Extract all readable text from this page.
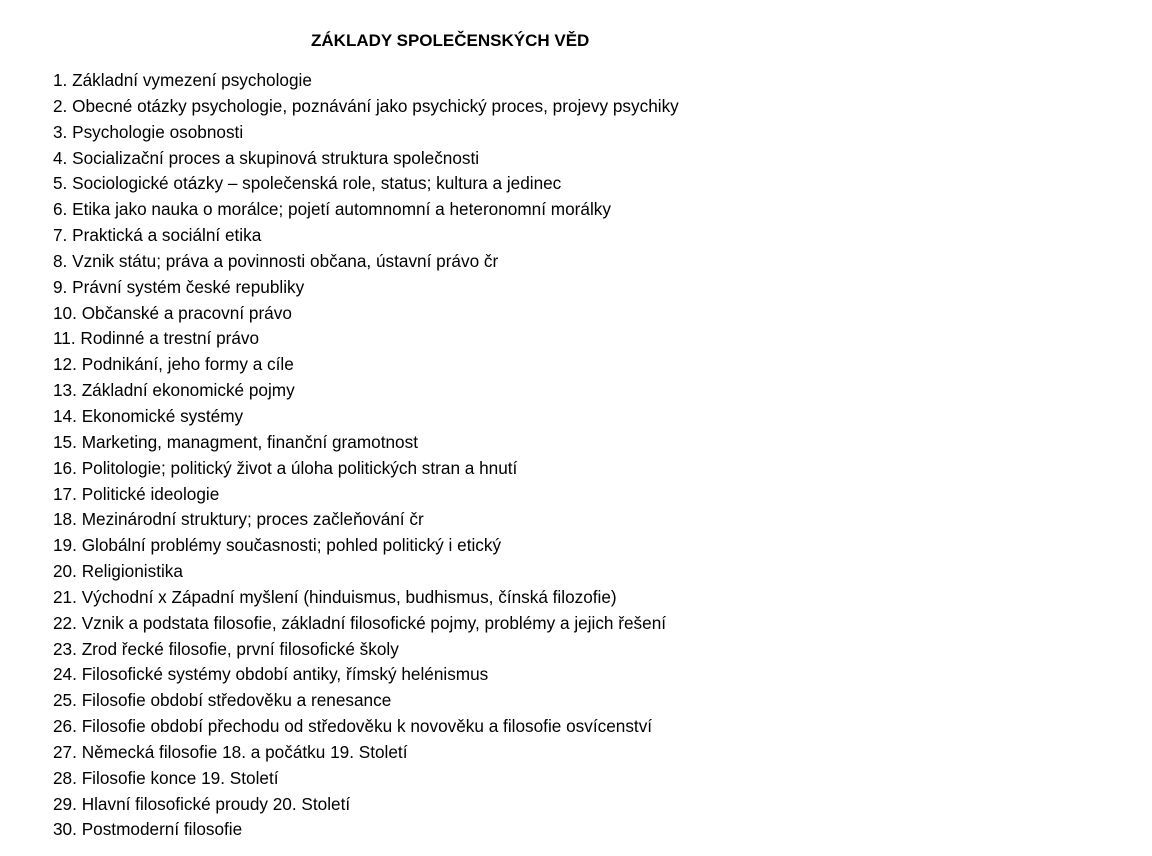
ZÁKLADY SPOLEČENSKÝCH VĚD
1. Základní vymezení psychologie
2. Obecné otázky psychologie, poznávání jako psychický proces, projevy psychiky
3. Psychologie osobnosti
4. Socializační proces a skupinová struktura společnosti
5. Sociologické otázky – společenská role, status; kultura a jedinec
6. Etika jako nauka o morálce; pojetí automnomní a heteronomní morálky
7. Praktická a sociální etika
8. Vznik státu; práva a povinnosti občana, ústavní právo čr
9. Právní systém české republiky
10. Občanské a pracovní právo
11. Rodinné a trestní právo
12. Podnikání, jeho formy a cíle
13. Základní ekonomické pojmy
14. Ekonomické systémy
15. Marketing, managment, finanční gramotnost
16. Politologie; politický život a úloha politických stran a hnutí
17. Politické ideologie
18. Mezinárodní struktury; proces začleňování čr
19. Globální problémy současnosti; pohled politický i etický
20. Religionistika
21. Východní x Západní myšlení (hinduismus, budhismus, čínská filozofie)
22. Vznik a podstata filosofie, základní filosofické pojmy, problémy a jejich řešení
23. Zrod řecké filosofie, první filosofické školy
24. Filosofické systémy období antiky, římský helénismus
25. Filosofie období středověku a renesance
26. Filosofie období přechodu od středověku k novověku a filosofie osvícenství
27. Německá filosofie 18. a počátku 19. Století
28. Filosofie konce 19. Století
29. Hlavní filosofické proudy 20. Století
30. Postmoderní filosofie
